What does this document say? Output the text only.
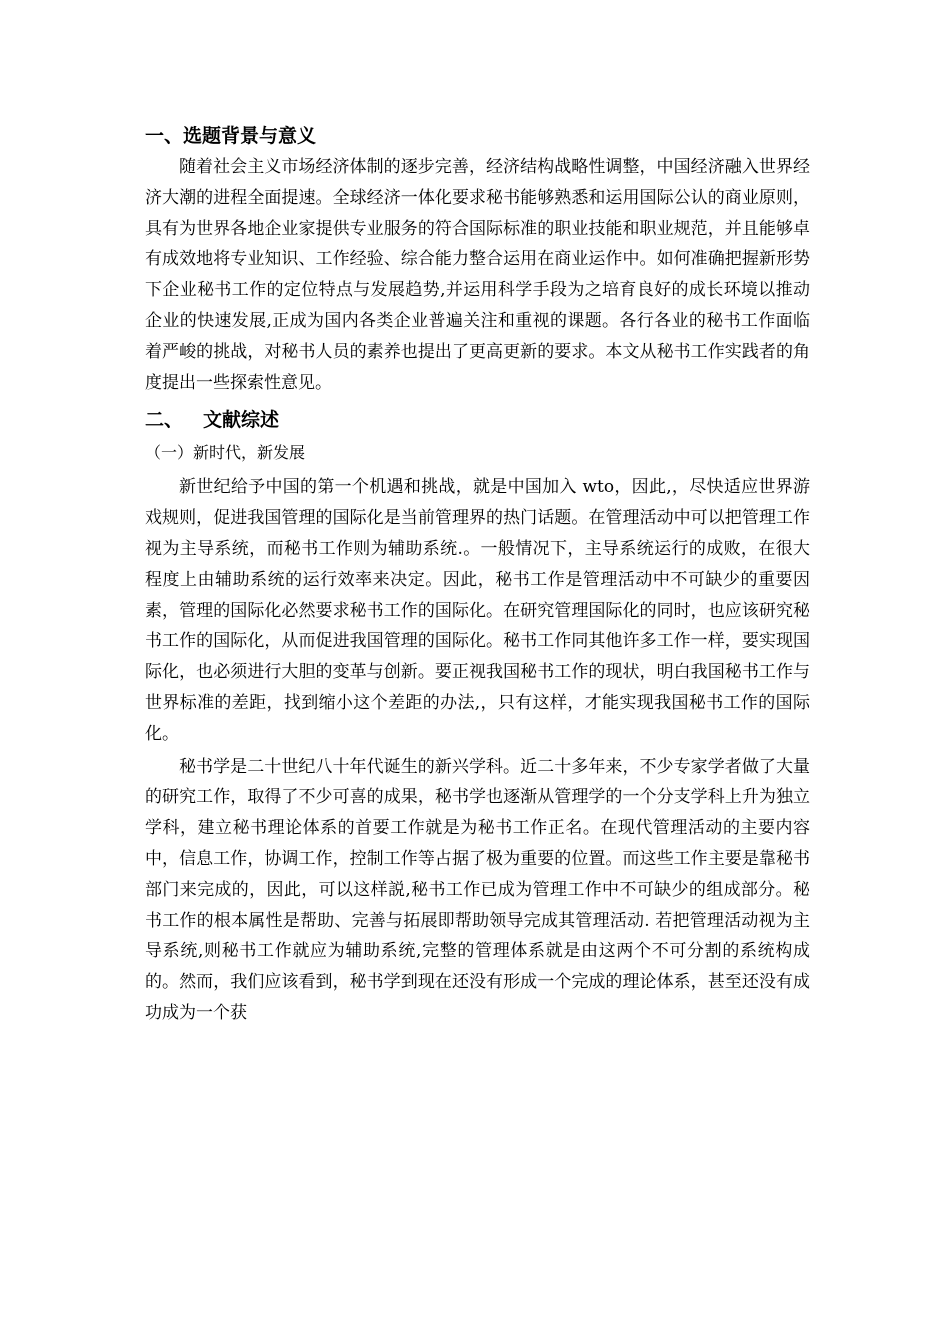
一、选题背景与意义

随着社会主义市场经济体制的逐步完善，经济结构战略性调整，中国经济融入世界经济大潮的进程全面提速。全球经济一体化要求秘书能够熟悉和运用国际公认的商业原则，具有为世界各地企业家提供专业服务的符合国际标准的职业技能和职业规范，并且能够卓有成效地将专业知识、工作经验、综合能力整合运用在商业运作中。如何准确把握新形势下企业秘书工作的定位特点与发展趋势,并运用科学手段为之培育良好的成长环境以推动企业的快速发展,正成为国内各类企业普遍关注和重视的课题。各行各业的秘书工作面临着严峻的挑战，对秘书人员的素养也提出了更高更新的要求。本文从秘书工作实践者的角度提出一些探索性意见。

二、 文献综述

（一）新时代，新发展

新世纪给予中国的第一个机遇和挑战，就是中国加入 wto，因此,，尽快适应世界游戏规则，促进我国管理的国际化是当前管理界的热门话题。在管理活动中可以把管理工作视为主导系统，而秘书工作则为辅助系统.。一般情况下，主导系统运行的成败，在很大程度上由辅助系统的运行效率来决定。因此，秘书工作是管理活动中不可缺少的重要因素，管理的国际化必然要求秘书工作的国际化。在研究管理国际化的同时，也应该研究秘书工作的国际化，从而促进我国管理的国际化。秘书工作同其他许多工作一样，要实现国际化，也必须进行大胆的变革与创新。要正视我国秘书工作的现状，明白我国秘书工作与世界标准的差距，找到缩小这个差距的办法,，只有这样，才能实现我国秘书工作的国际化。

秘书学是二十世纪八十年代诞生的新兴学科。近二十多年来，不少专家学者做了大量的研究工作，取得了不少可喜的成果，秘书学也逐渐从管理学的一个分支学科上升为独立学科，建立秘书理论体系的首要工作就是为秘书工作正名。在现代管理活动的主要内容中，信息工作，协调工作，控制工作等占据了极为重要的位置。而这些工作主要是靠秘书部门来完成的，因此，可以这样説,秘书工作已成为管理工作中不可缺少的组成部分。秘书工作的根本属性是帮助、完善与拓展即帮助领导完成其管理活动. 若把管理活动视为主导系统,则秘书工作就应为辅助系统,完整的管理体系就是由这两个不可分割的系统构成的。然而，我们应该看到，秘书学到现在还没有形成一个完成的理论体系，甚至还没有成功成为一个获
